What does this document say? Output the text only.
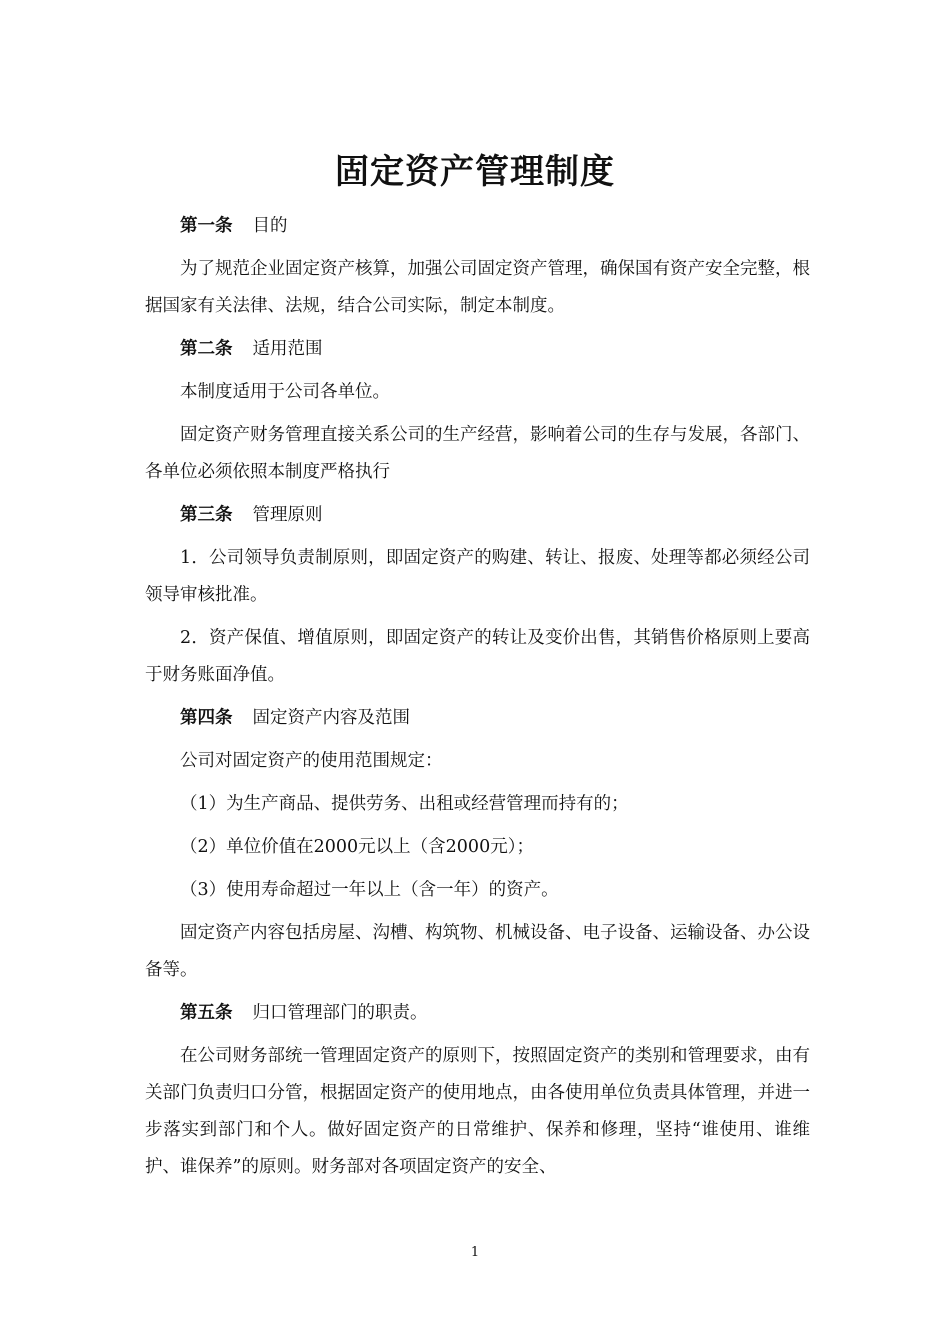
固定资产管理制度

第一条 目的

为了规范企业固定资产核算，加强公司固定资产管理，确保国有资产安全完整，根据国家有关法律、法规，结合公司实际，制定本制度。

第二条 适用范围

本制度适用于公司各单位。

固定资产财务管理直接关系公司的生产经营，影响着公司的生存与发展，各部门、各单位必须依照本制度严格执行

第三条 管理原则

1．公司领导负责制原则，即固定资产的购建、转让、报废、处理等都必须经公司领导审核批准。

2．资产保值、增值原则，即固定资产的转让及变价出售，其销售价格原则上要高于财务账面净值。

第四条 固定资产内容及范围

公司对固定资产的使用范围规定：

（1）为生产商品、提供劳务、出租或经营管理而持有的；

（2）单位价值在2000元以上（含2000元）；

（3）使用寿命超过一年以上（含一年）的资产。

固定资产内容包括房屋、沟槽、构筑物、机械设备、电子设备、运输设备、办公设备等。

第五条 归口管理部门的职责。

在公司财务部统一管理固定资产的原则下，按照固定资产的类别和管理要求，由有关部门负责归口分管，根据固定资产的使用地点，由各使用单位负责具体管理，并进一步落实到部门和个人。做好固定资产的日常维护、保养和修理，坚持“谁使用、谁维护、谁保养”的原则。财务部对各项固定资产的安全、

1
